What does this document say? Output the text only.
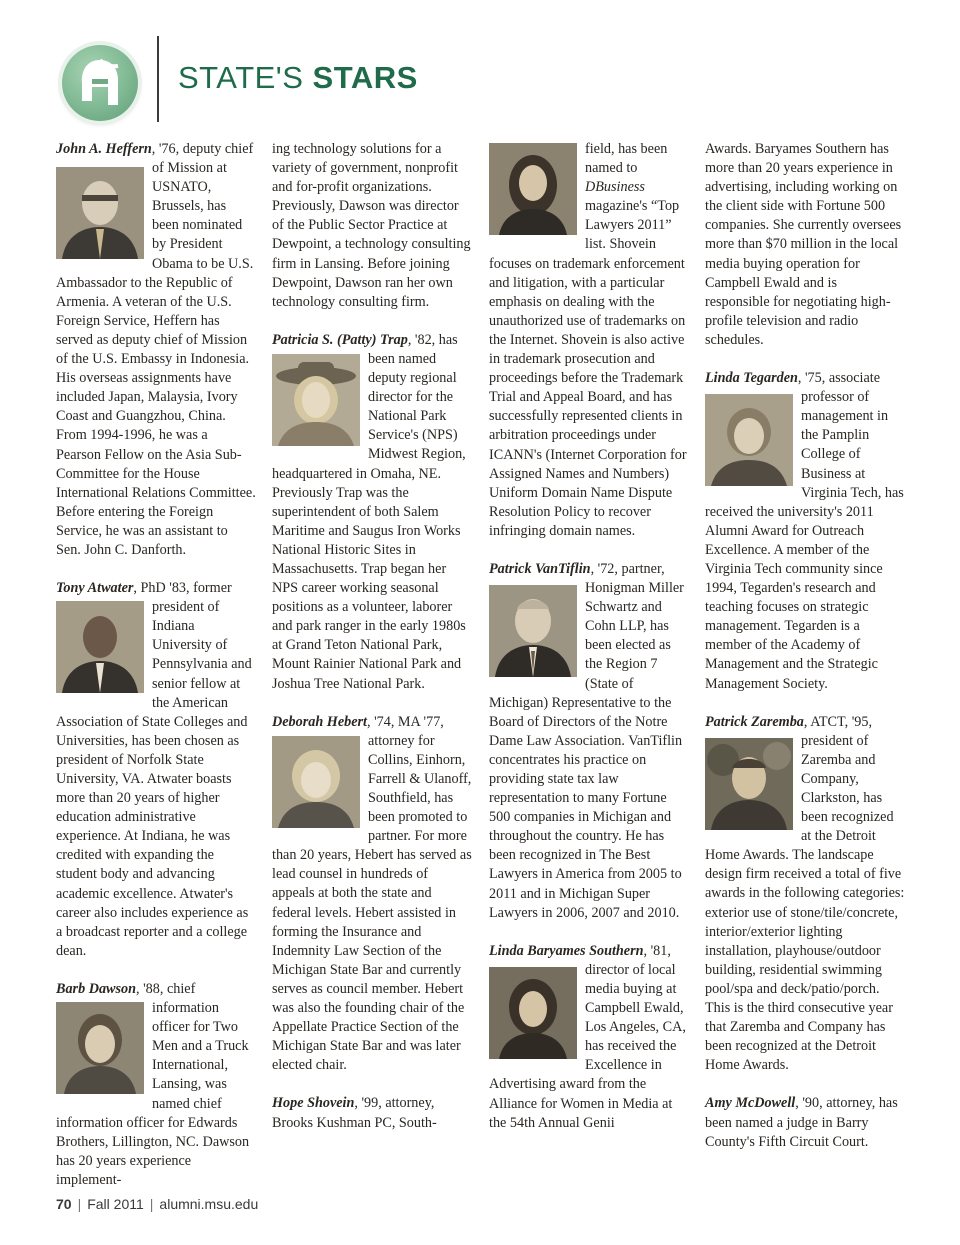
STATE'S STARS

John A. Heffern, '76,
deputy chief of Mission at USNATO, Brussels, has been nominated by President Obama to be U.S. Ambassador to the Republic of Armenia. A veteran of the U.S. Foreign Service, Heffern has served as deputy chief of Mission of the U.S. Embassy in Indonesia. His overseas assignments have included Japan, Malaysia, Ivory Coast and Guangzhou, China. From 1994-1996, he was a Pearson Fellow on the Asia Sub-Committee for the House International Relations Committee. Before entering the Foreign Service, he was an assistant to Sen. John C. Danforth.

Tony Atwater, PhD '83,
former president of Indiana University of Pennsylvania and senior fellow at the American Association of State Colleges and Universities, has been chosen as president of Norfolk State University, VA. Atwater boasts more than 20 years of higher education administrative experience. At Indiana, he was credited with expanding the student body and advancing academic excellence. Atwater's career also includes experience as a broadcast reporter and a college dean.

Barb Dawson, '88,
chief information officer for Two Men and a Truck International, Lansing, was named chief information officer for Edwards Brothers, Lillington, NC. Dawson has 20 years experience implement-

ing technology solutions for a variety of government, nonprofit and for-profit organizations. Previously, Dawson was director of the Public Sector Practice at Dewpoint, a technology consulting firm in Lansing. Before joining Dewpoint, Dawson ran her own technology consulting firm.

Patricia S. (Patty) Trap, '82,
has been named deputy regional director for the National Park Service's (NPS) Midwest Region, headquartered in Omaha, NE. Previously Trap was the superintendent of both Salem Maritime and Saugus Iron Works National Historic Sites in Massachusetts. Trap began her NPS career working seasonal positions as a volunteer, laborer and park ranger in the early 1980s at Grand Teton National Park, Mount Rainier National Park and Joshua Tree National Park.

Deborah Hebert, '74, MA '77,
attorney for Collins, Einhorn, Farrell & Ulanoff, Southfield, has been promoted to partner. For more than 20 years, Hebert has served as lead counsel in hundreds of appeals at both the state and federal levels. Hebert assisted in forming the Insurance and Indemnity Law Section of the Michigan State Bar and currently serves as council member. Hebert was also the founding chair of the Appellate Practice Section of the Michigan State Bar and was later elected chair.

Hope Shovein, '99, attorney, Brooks Kushman PC, South-

field, has been named to DBusiness magazine's “Top Lawyers 2011” list. Shovein focuses on trademark enforcement and litigation, with a particular emphasis on dealing with the unauthorized use of trademarks on the Internet. Shovein is also active in trademark prosecution and proceedings before the Trademark Trial and Appeal Board, and has successfully represented clients in arbitration proceedings under ICANN's (Internet Corporation for Assigned Names and Numbers) Uniform Domain Name Dispute Resolution Policy to recover infringing domain names.

Patrick VanTiflin, '72,
partner, Honigman Miller Schwartz and Cohn LLP, has been elected as the Region 7 (State of Michigan) Representative to the Board of Directors of the Notre Dame Law Association. VanTiflin concentrates his practice on providing state tax law representation to many Fortune 500 companies in Michigan and throughout the country. He has been recognized in The Best Lawyers in America from 2005 to 2011 and in Michigan Super Lawyers in 2006, 2007 and 2010.

Linda Baryames Southern, '81,
director of local media buying at Campbell Ewald, Los Angeles, CA, has received the Excellence in Advertising award from the Alliance for Women in Media at the 54th Annual Genii

Awards. Baryames Southern has more than 20 years experience in advertising, including working on the client side with Fortune 500 companies. She currently oversees more than $70 million in the local media buying operation for Campbell Ewald and is responsible for negotiating high-profile television and radio schedules.

Linda Tegarden, '75,
associate professor of management in the Pamplin College of Business at Virginia Tech, has received the university's 2011 Alumni Award for Outreach Excellence. A member of the Virginia Tech community since 1994, Tegarden's research and teaching focuses on strategic management. Tegarden is a member of the Academy of Management and the Strategic Management Society.

Patrick Zaremba, ATCT, '95,
president of Zaremba and Company, Clarkston, has been recognized at the Detroit Home Awards. The landscape design firm received a total of five awards in the following categories: exterior use of stone/tile/concrete, interior/exterior lighting installation, playhouse/outdoor building, residential swimming pool/spa and deck/patio/porch. This is the third consecutive year that Zaremba and Company has been recognized at the Detroit Home Awards.

Amy McDowell, '90, attorney, has been named a judge in Barry County's Fifth Circuit Court.

70 | Fall 2011 | alumni.msu.edu
